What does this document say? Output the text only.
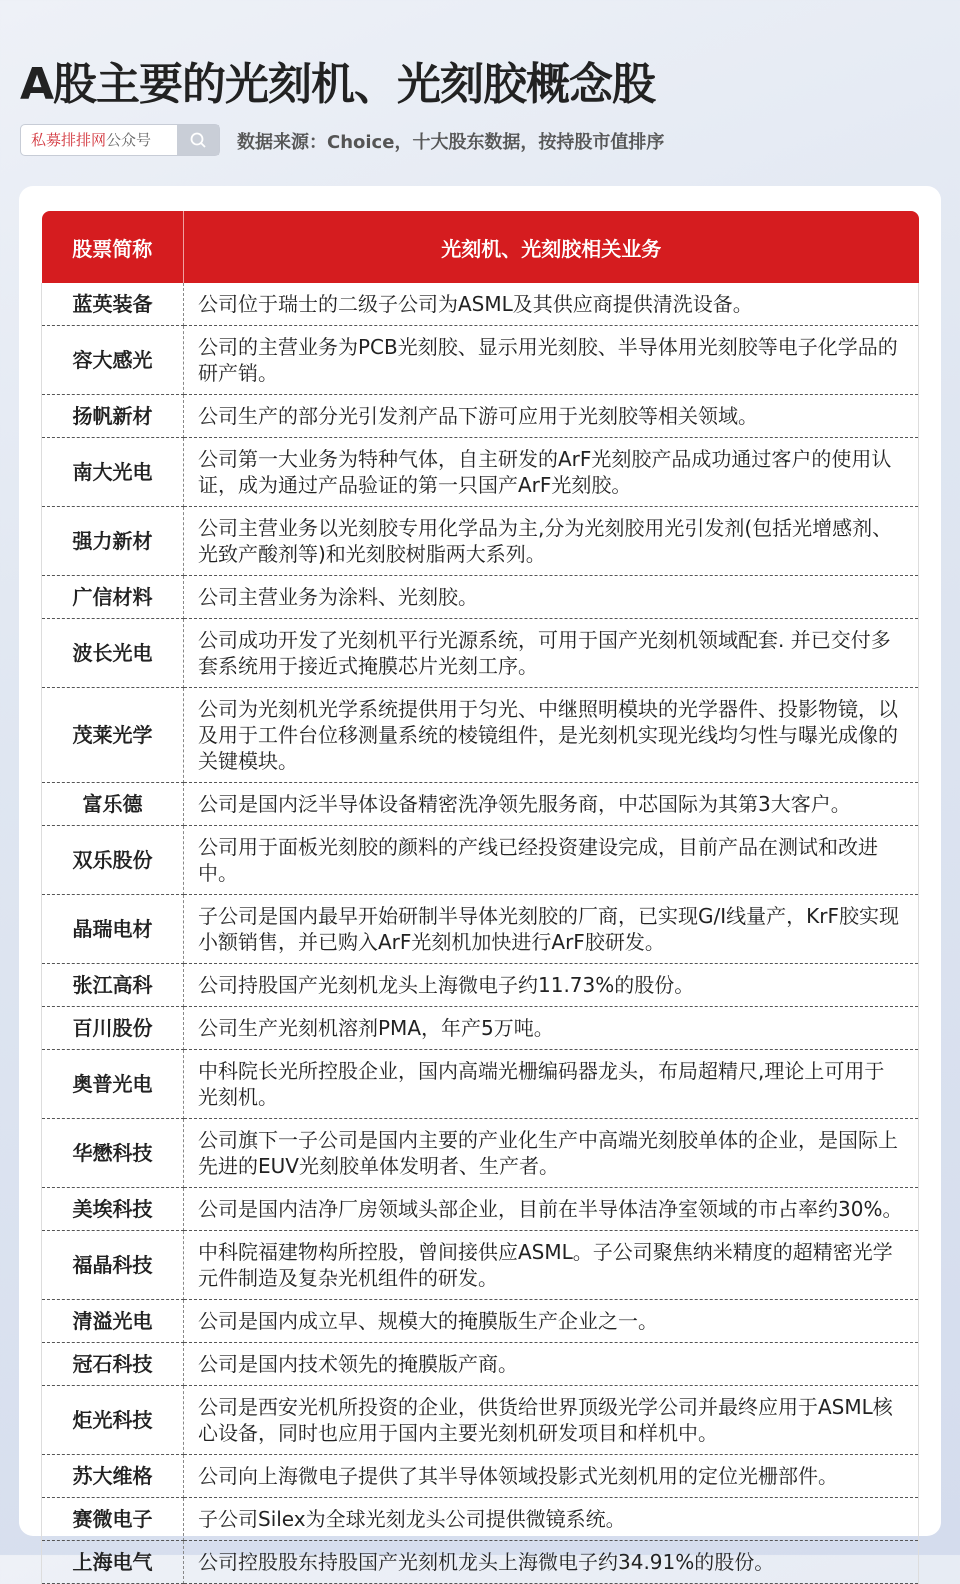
A股主要的光刻机、光刻胶概念股
私募排排网公众号	数据来源：Choice，十大股东数据，按持股市值排序
股票简称	光刻机、光刻胶相关业务
蓝英装备	公司位于瑞士的二级子公司为ASML及其供应商提供清洗设备。
容大感光	公司的主营业务为PCB光刻胶、显示用光刻胶、半导体用光刻胶等电子化学品的研产销。
扬帆新材	公司生产的部分光引发剂产品下游可应用于光刻胶等相关领域。
南大光电	公司第一大业务为特种气体，自主研发的ArF光刻胶产品成功通过客户的使用认证，成为通过产品验证的第一只国产ArF光刻胶。
强力新材	公司主营业务以光刻胶专用化学品为主,分为光刻胶用光引发剂(包括光增感剂、光致产酸剂等)和光刻胶树脂两大系列。
广信材料	公司主营业务为涂料、光刻胶。
波长光电	公司成功开发了光刻机平行光源系统，可用于国产光刻机领域配套. 并已交付多套系统用于接近式掩膜芯片光刻工序。
茂莱光学	公司为光刻机光学系统提供用于匀光、中继照明模块的光学器件、投影物镜，以及用于工件台位移测量系统的棱镜组件，是光刻机实现光线均匀性与曝光成像的关键模块。
富乐德	公司是国内泛半导体设备精密洗净领先服务商，中芯国际为其第3大客户。
双乐股份	公司用于面板光刻胶的颜料的产线已经投资建设完成，目前产品在测试和改进中。
晶瑞电材	子公司是国内最早开始研制半导体光刻胶的厂商，已实现G/I线量产，KrF胶实现小额销售，并已购入ArF光刻机加快进行ArF胶研发。
张江高科	公司持股国产光刻机龙头上海微电子约11.73%的股份。
百川股份	公司生产光刻机溶剂PMA，年产5万吨。
奥普光电	中科院长光所控股企业，国内高端光栅编码器龙头，布局超精尺,理论上可用于光刻机。
华懋科技	公司旗下一子公司是国内主要的产业化生产中高端光刻胶单体的企业，是国际上先进的EUV光刻胶单体发明者、生产者。
美埃科技	公司是国内洁净厂房领域头部企业，目前在半导体洁净室领域的市占率约30%。
福晶科技	中科院福建物构所控股，曾间接供应ASML。子公司聚焦纳米精度的超精密光学元件制造及复杂光机组件的研发。
清溢光电	公司是国内成立早、规模大的掩膜版生产企业之一。
冠石科技	公司是国内技术领先的掩膜版产商。
炬光科技	公司是西安光机所投资的企业，供货给世界顶级光学公司并最终应用于ASML核心设备，同时也应用于国内主要光刻机研发项目和样机中。
苏大维格	公司向上海微电子提供了其半导体领域投影式光刻机用的定位光栅部件。
赛微电子	子公司Silex为全球光刻龙头公司提供微镜系统。
上海电气	公司控股股东持股国产光刻机龙头上海微电子约34.91%的股份。
